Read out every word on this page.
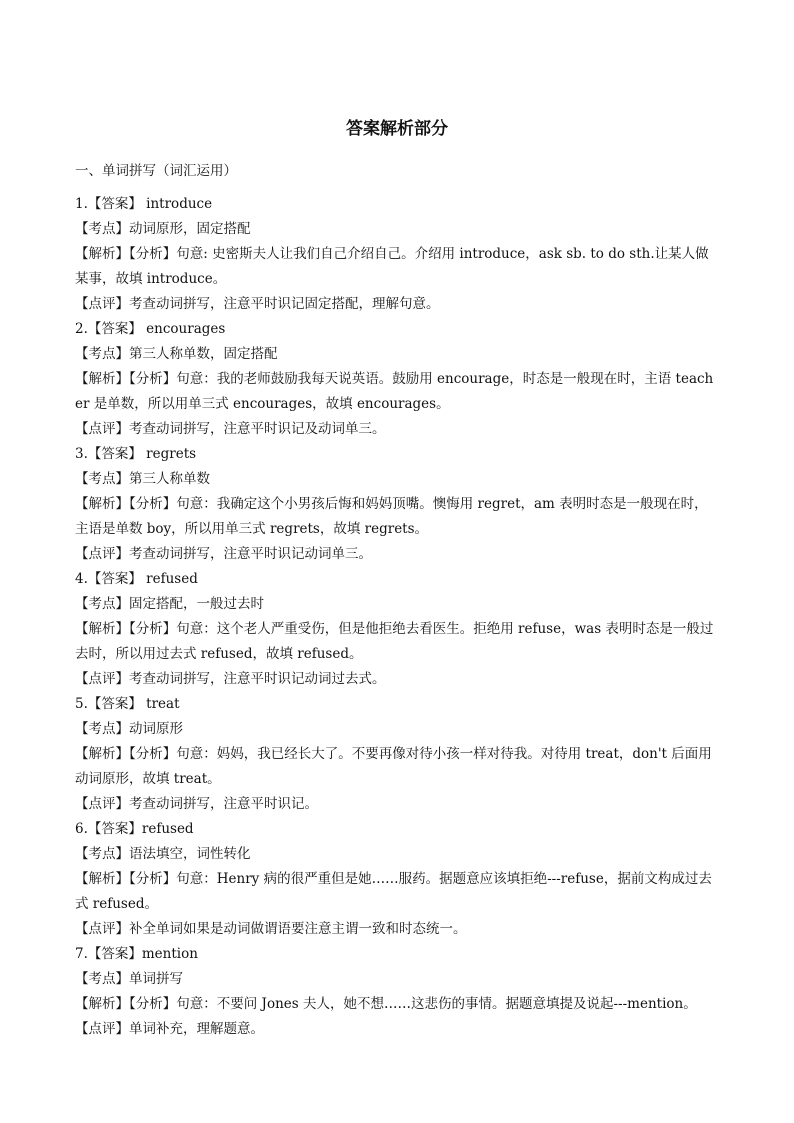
答案解析部分
一、单词拼写（词汇运用）

1.【答案】 introduce

【考点】动词原形，固定搭配

【解析】【分析】句意: 史密斯夫人让我们自己介绍自己。介绍用 introduce，ask sb. to do sth.让某人做某事，故填 introduce。

【点评】考查动词拼写，注意平时识记固定搭配，理解句意。

2.【答案】 encourages

【考点】第三人称单数，固定搭配

【解析】【分析】句意：我的老师鼓励我每天说英语。鼓励用 encourage，时态是一般现在时，主语 teacher 是单数，所以用单三式 encourages，故填 encourages。

【点评】考查动词拼写，注意平时识记及动词单三。

3.【答案】 regrets

【考点】第三人称单数

【解析】【分析】句意：我确定这个小男孩后悔和妈妈顶嘴。懊悔用 regret，am 表明时态是一般现在时，主语是单数 boy，所以用单三式 regrets，故填 regrets。

【点评】考查动词拼写，注意平时识记动词单三。

4.【答案】 refused

【考点】固定搭配，一般过去时

【解析】【分析】句意：这个老人严重受伤，但是他拒绝去看医生。拒绝用 refuse，was 表明时态是一般过去时，所以用过去式 refused，故填 refused。

【点评】考查动词拼写，注意平时识记动词过去式。

5.【答案】 treat

【考点】动词原形

【解析】【分析】句意：妈妈，我已经长大了。不要再像对待小孩一样对待我。对待用 treat，don't 后面用动词原形，故填 treat。

【点评】考查动词拼写，注意平时识记。

6.【答案】refused

【考点】语法填空，词性转化

【解析】【分析】句意：Henry 病的很严重但是她……服药。据题意应该填拒绝---refuse，据前文构成过去式 refused。

【点评】补全单词如果是动词做谓语要注意主谓一致和时态统一。

7.【答案】mention

【考点】单词拼写

【解析】【分析】句意：不要问 Jones 夫人，她不想……这悲伤的事情。据题意填提及说起---mention。

【点评】单词补充，理解题意。
